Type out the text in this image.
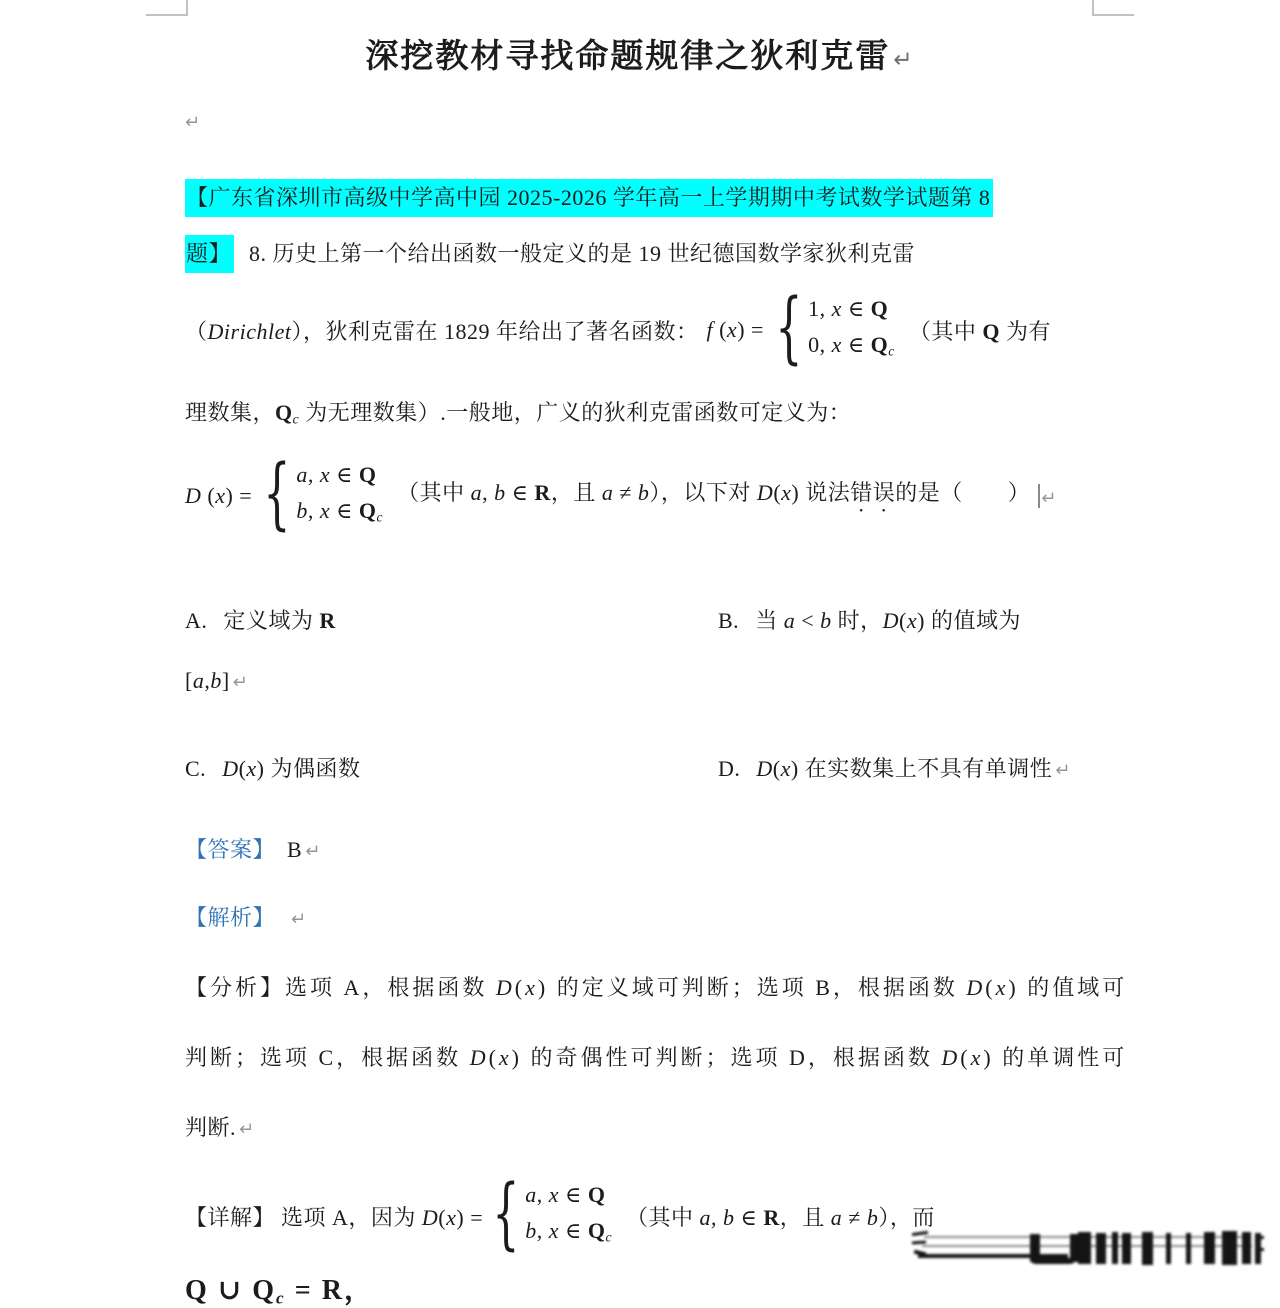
深挖教材寻找命题规律之狄利克雷 ↵
↵
【广东省深圳市高级中学高中园 2025-2026 学年高一上学期期中考试数学试题第 8
题】 8. 历史上第一个给出函数一般定义的是 19 世纪德国数学家狄利克雷
（Dirichlet），狄利克雷在 1829 年给出了著名函数： f (x) = { 1, x ∈ Q
0, x ∈ Qc
（其中 Q 为有
理数集，Qc 为无理数集）.一般地，广义的狄利克雷函数可定义为：
D (x) = { a, x ∈ Q
b, x ∈ Qc
（其中 a, b ∈ R，且 a ≠ b），以下对 D(x) 说法错误的是（　　） ↵
A. 定义域为 R	B. 当 a < b 时，D(x) 的值域为
[a,b] ↵
C. D(x) 为偶函数	D. D(x) 在实数集上不具有单调性 ↵
【答案】 B ↵
【解析】 ↵
【分析】选项 A，根据函数 D(x) 的定义域可判断；选项 B，根据函数 D(x) 的值域可
判断；选项 C，根据函数 D(x) 的奇偶性可判断；选项 D，根据函数 D(x) 的单调性可
判断. ↵
【详解】 选项 A，因为 D(x) = { a, x ∈ Q
b, x ∈ Qc
（其中 a, b ∈ R，且 a ≠ b），而
Q ∪ Qc = R，
